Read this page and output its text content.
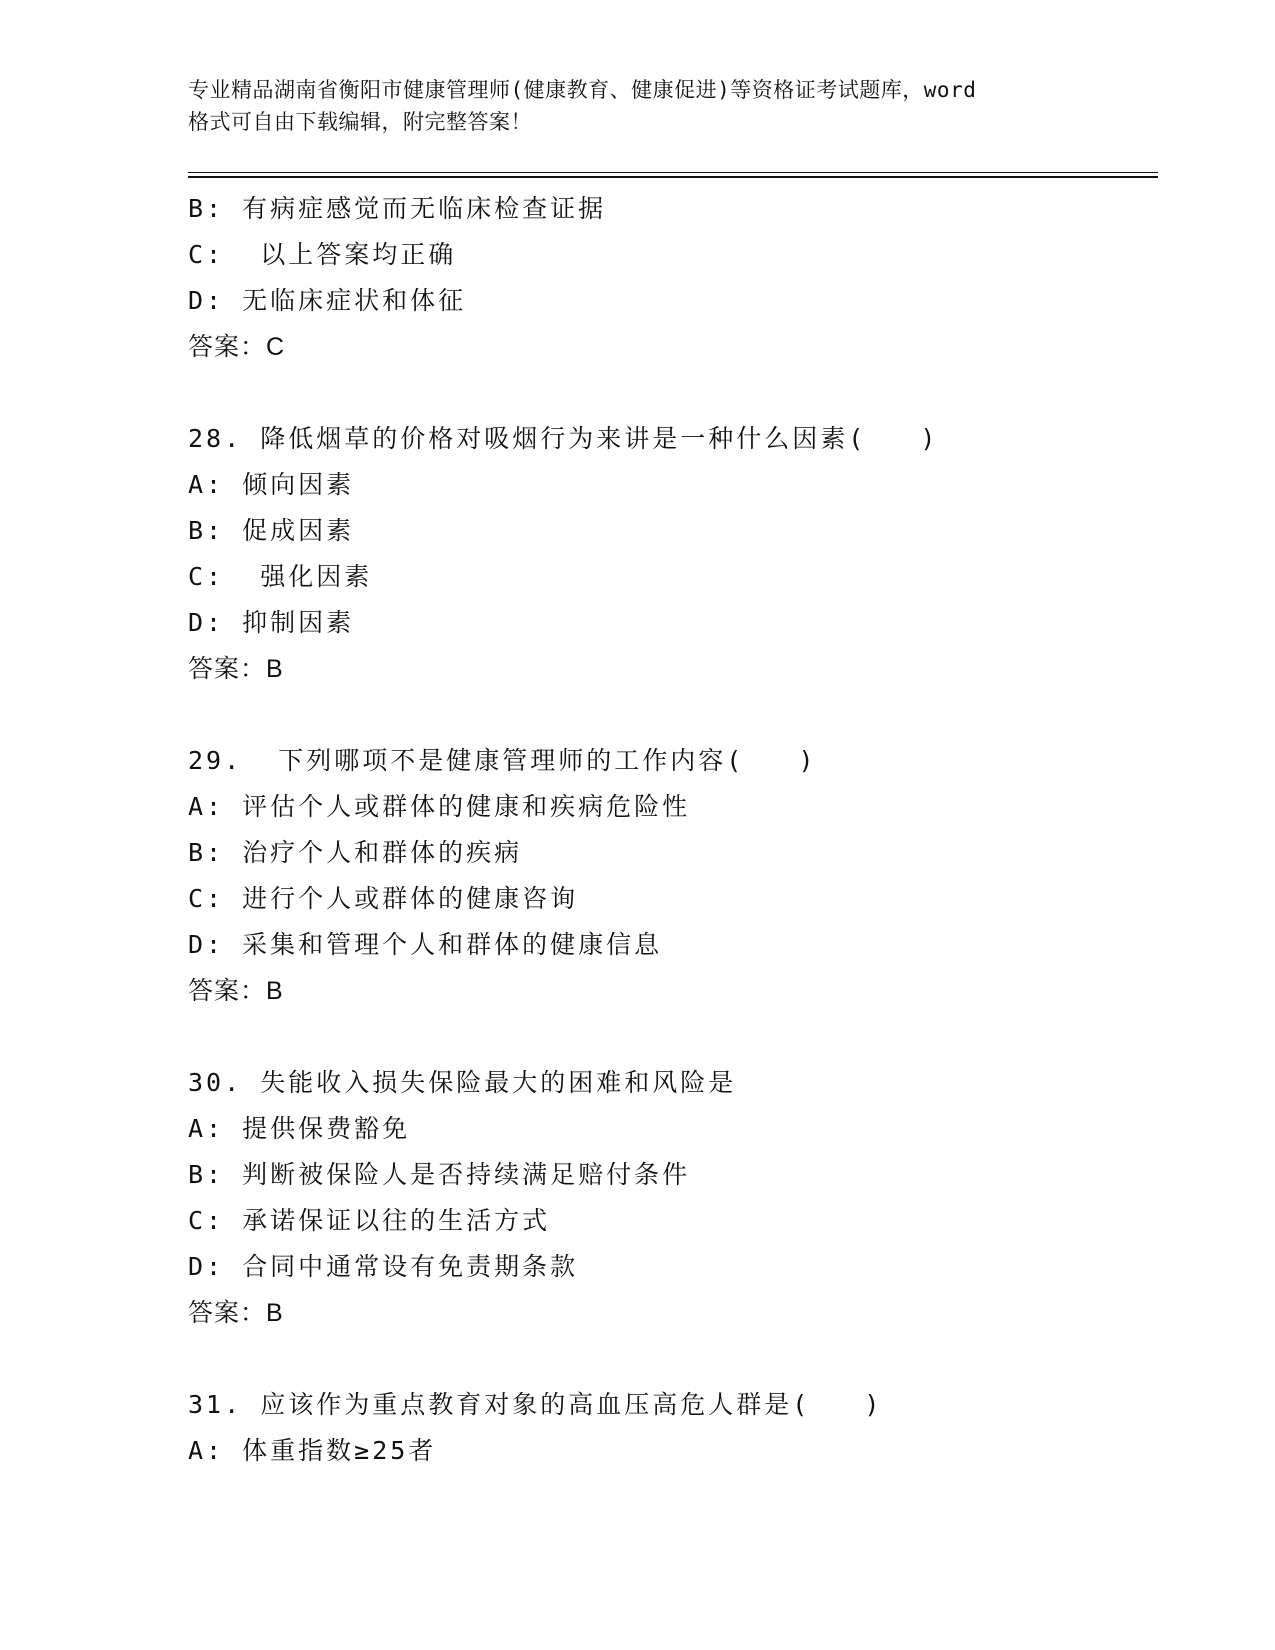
专业精品湖南省衡阳市健康管理师(健康教育、健康促进)等资格证考试题库，word
格式可自由下载编辑，附完整答案！
B: 有病症感觉而无临床检查证据
C:  以上答案均正确
D: 无临床症状和体征
答案：C
28. 降低烟草的价格对吸烟行为来讲是一种什么因素(   )
A: 倾向因素
B: 促成因素
C:  强化因素
D: 抑制因素
答案：B
29.  下列哪项不是健康管理师的工作内容(   )
A: 评估个人或群体的健康和疾病危险性
B: 治疗个人和群体的疾病
C: 进行个人或群体的健康咨询
D: 采集和管理个人和群体的健康信息
答案：B
30. 失能收入损失保险最大的困难和风险是
A: 提供保费豁免
B: 判断被保险人是否持续满足赔付条件
C: 承诺保证以往的生活方式
D: 合同中通常设有免责期条款
答案：B
31. 应该作为重点教育对象的高血压高危人群是(   )
A: 体重指数≥25者
